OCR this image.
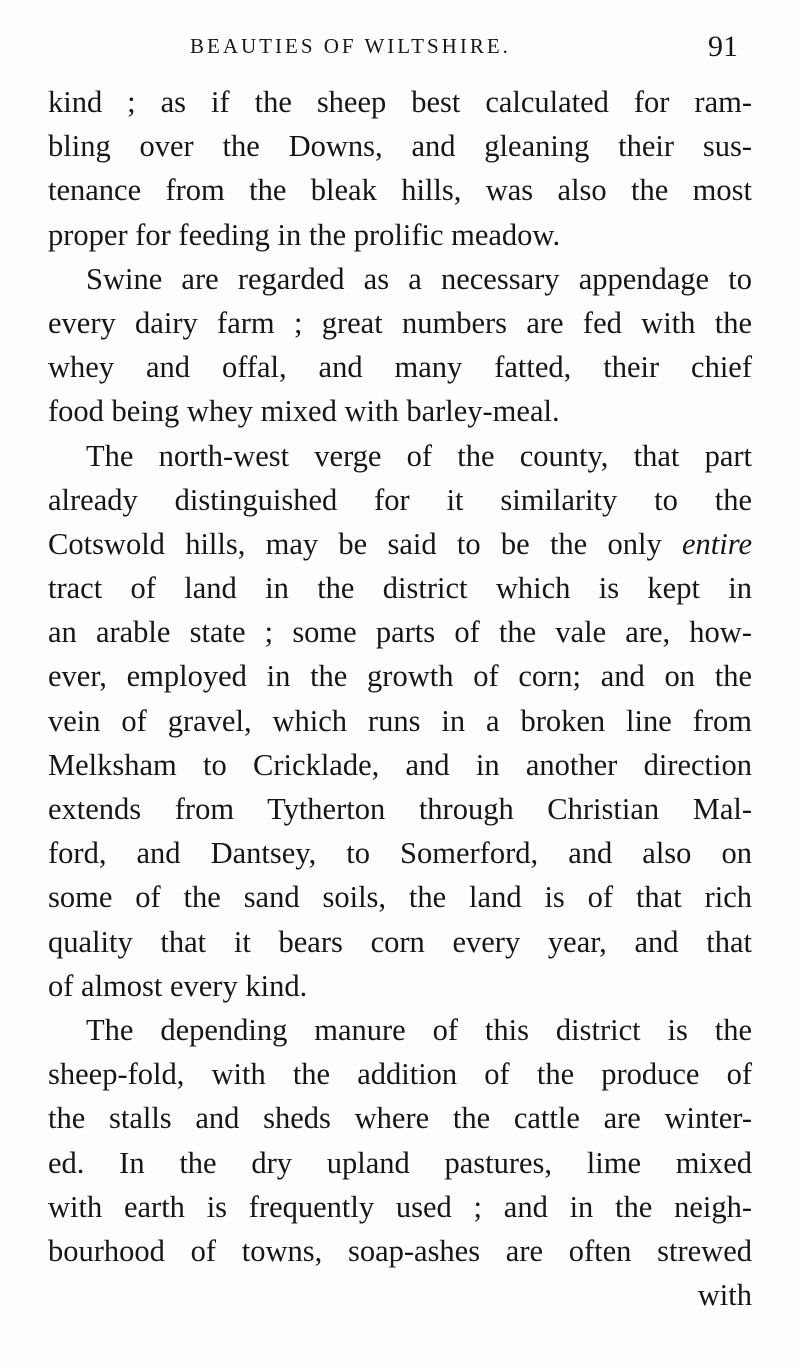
BEAUTIES OF WILTSHIRE.	91
kind ; as if the sheep best calculated for ram-
bling over the Downs, and gleaning their sus-
tenance from the bleak hills, was also the most
proper for feeding in the prolific meadow.
Swine are regarded as a necessary appendage to
every dairy farm ; great numbers are fed with the
whey and offal, and many fatted, their chief
food being whey mixed with barley-meal.
The north-west verge of the county, that part
already distinguished for it similarity to the
Cotswold hills, may be said to be the only entire
tract of land in the district which is kept in
an arable state ; some parts of the vale are, how-
ever, employed in the growth of corn; and on the
vein of gravel, which runs in a broken line from
Melksham to Cricklade, and in another direction
extends from Tytherton through Christian Mal-
ford, and Dantsey, to Somerford, and also on
some of the sand soils, the land is of that rich
quality that it bears corn every year, and that
of almost every kind.
The depending manure of this district is the
sheep-fold, with the addition of the produce of
the stalls and sheds where the cattle are winter-
ed. In the dry upland pastures, lime mixed
with earth is frequently used ; and in the neigh-
bourhood of towns, soap-ashes are often strewed
with
